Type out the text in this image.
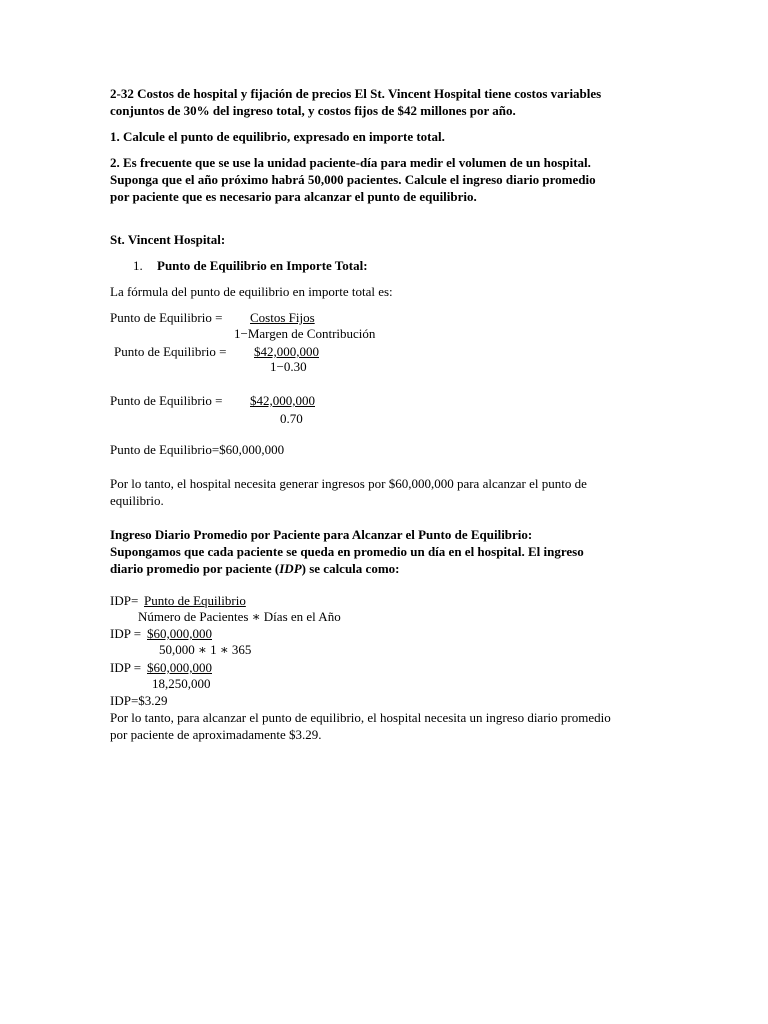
2-32 Costos de hospital y fijación de precios El St. Vincent Hospital tiene costos variables

conjuntos de 30% del ingreso total, y costos fijos de $42 millones por año.

1. Calcule el punto de equilibrio, expresado en importe total.

2. Es frecuente que se use la unidad paciente-día para medir el volumen de un hospital.

Suponga que el año próximo habrá 50,000 pacientes. Calcule el ingreso diario promedio

por paciente que es necesario para alcanzar el punto de equilibrio.

St. Vincent Hospital:

1. Punto de Equilibrio en Importe Total:

La fórmula del punto de equilibrio en importe total es:

Punto de Equilibrio = Costos Fijos

1−Margen de Contribución

Punto de Equilibrio = $42,000,000

1−0.30

Punto de Equilibrio = $42,000,000

0.70

Punto de Equilibrio=$60,000,000

Por lo tanto, el hospital necesita generar ingresos por $60,000,000 para alcanzar el punto de

equilibrio.

Ingreso Diario Promedio por Paciente para Alcanzar el Punto de Equilibrio:

Supongamos que cada paciente se queda en promedio un día en el hospital. El ingreso

diario promedio por paciente (IDP) se calcula como:

IDP= Punto de Equilibrio

Número de Pacientes ∗ Días en el Año

IDP = $60,000,000

50,000 ∗ 1 ∗ 365

IDP = $60,000,000

18,250,000

IDP=$3.29

Por lo tanto, para alcanzar el punto de equilibrio, el hospital necesita un ingreso diario promedio

por paciente de aproximadamente $3.29.
